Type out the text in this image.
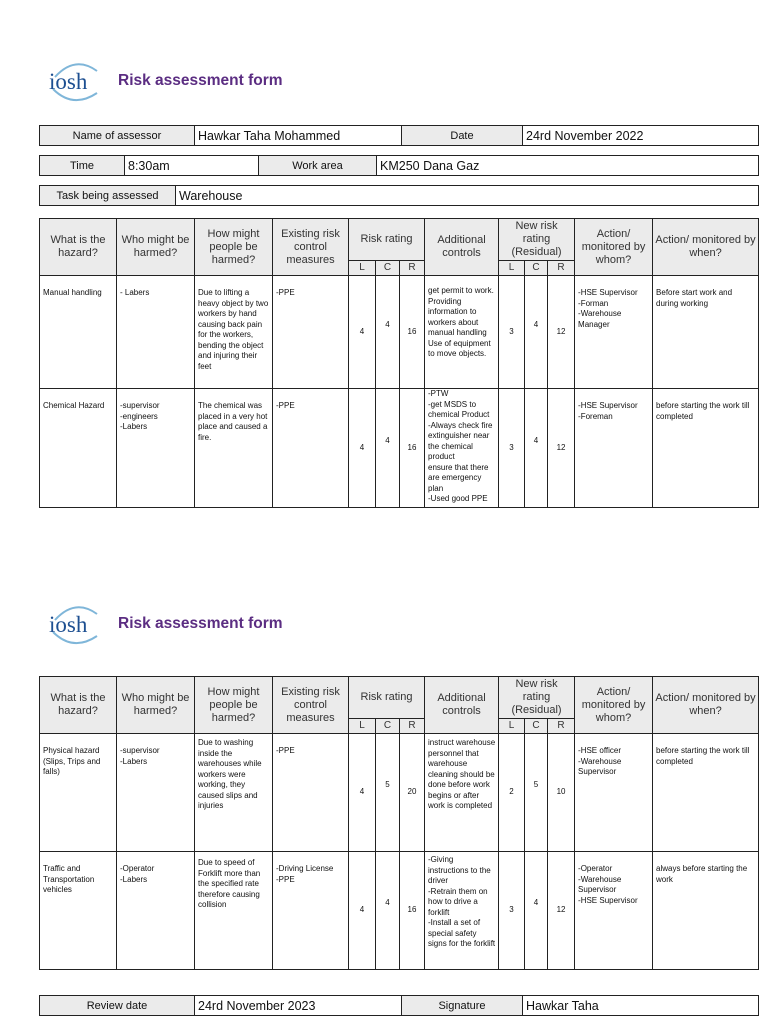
iosh Risk assessment form
Name of assessor	Hawkar Taha Mohammed	Date	24rd November 2022
Time	8:30am	Work area	KM250 Dana Gaz
Task being assessed	Warehouse
What is the hazard?	Who might be harmed?	How might people be harmed?	Existing risk control measures	Risk rating			Additional controls	New risk rating (Residual)			Action/ monitored by whom?	Action/ monitored by when?
				L	C	R		L	C	R		
Manual handling	- Labers	Due to lifting a heavy object by two workers by hand causing back pain for the workers, bending the object and injuring their feet	-PPE	4	4	16	get permit to work.
Providing information to workers about manual handling
Use of equipment to move objects.	3	4	12	-HSE Supervisor
-Forman
-Warehouse Manager	Before start work and during working
Chemical Hazard	-supervisor
-engineers
-Labers	The chemical was placed in a very hot place and caused a fire.	-PPE	4	4	16	-PTW
-get MSDS to chemical Product
-Always check fire extinguisher near the chemical product
ensure that there are emergency plan
-Used good PPE	3	4	12	-HSE Supervisor
-Foreman	before starting the work till completed
iosh Risk assessment form
What is the hazard?	Who might be harmed?	How might people be harmed?	Existing risk control measures	Risk rating			Additional controls	New risk rating (Residual)			Action/ monitored by whom?	Action/ monitored by when?
				L	C	R		L	C	R		
Physical hazard (Slips, Trips and falls)	-supervisor
-Labers	Due to washing inside the warehouses while workers were working, they caused slips and injuries	-PPE	4	5	20	instruct warehouse personnel that warehouse cleaning should be done before work begins or after work is completed	2	5	10	-HSE officer
-Warehouse Supervisor	before starting the work till completed
Traffic and Transportation vehicles	-Operator
-Labers	Due to speed of Forklift more than the specified rate therefore causing collision	-Driving License
-PPE	4	4	16	-Giving instructions to the driver
-Retrain them on how to drive a forklift
-Install a set of special safety signs for the forklift	3	4	12	-Operator
-Warehouse Supervisor
-HSE Supervisor	always before starting the work
Review date	24rd November 2023	Signature	Hawkar Taha
